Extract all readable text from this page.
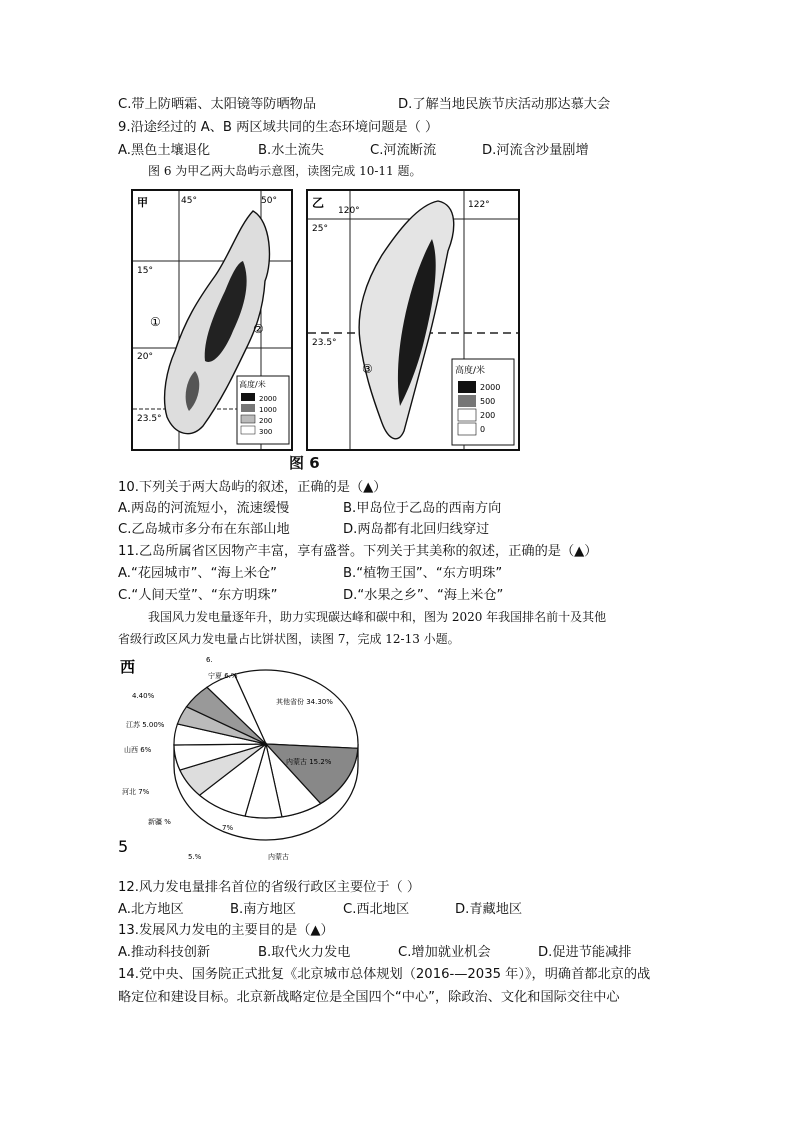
C.带上防晒霜、太阳镜等防晒物品	D.了解当地民族节庆活动那达慕大会
9.沿途经过的 A、B 两区域共同的生态环境问题是（ ）
A.黑色土壤退化	B.水土流失	C.河流断流	D.河流含沙量剧增
图 6 为甲乙两大岛屿示意图，读图完成 10-11 题。
甲	45°	50°
15°
20°
23.5°
①	②
高度/米
2000
1000
200
300
乙
120°
122°
25°
23.5°
③	高度/米
2000
500
200
0
图 6
10.下列关于两大岛屿的叙述，正确的是（▲）
A.两岛的河流短小，流速缓慢	B.甲岛位于乙岛的西南方向
C.乙岛城市多分布在东部山地	D.两岛都有北回归线穿过
11.乙岛所属省区因物产丰富，享有盛誉。下列关于其美称的叙述，正确的是（▲）
A.“花园城市”、“海上米仓”	B.“植物王国”、“东方明珠”
C.“人间天堂”、“东方明珠”	D.“水果之乡”、“海上米仓”
我国风力发电量逐年升，助力实现碳达峰和碳中和，图为 2020 年我国排名前十及其他
省级行政区风力发电量占比饼状图，读图 7，完成 12-13 小题。
西	6.
宁夏 6.%
4.40%
江苏 5.00%
山西 6%
河北 7%
新疆 %
5.%	内蒙古
其他省份 34.30%
内蒙古 15.2%
7%
5
12.风力发电量排名首位的省级行政区主要位于（ ）
A.北方地区	B.南方地区	C.西北地区	D.青藏地区
13.发展风力发电的主要目的是（▲）
A.推动科技创新	B.取代火力发电	C.增加就业机会	D.促进节能减排
14.党中央、国务院正式批复《北京城市总体规划（2016-—2035 年）》，明确首都北京的战
略定位和建设目标。北京新战略定位是全国四个“中心”，除政治、文化和国际交往中心
